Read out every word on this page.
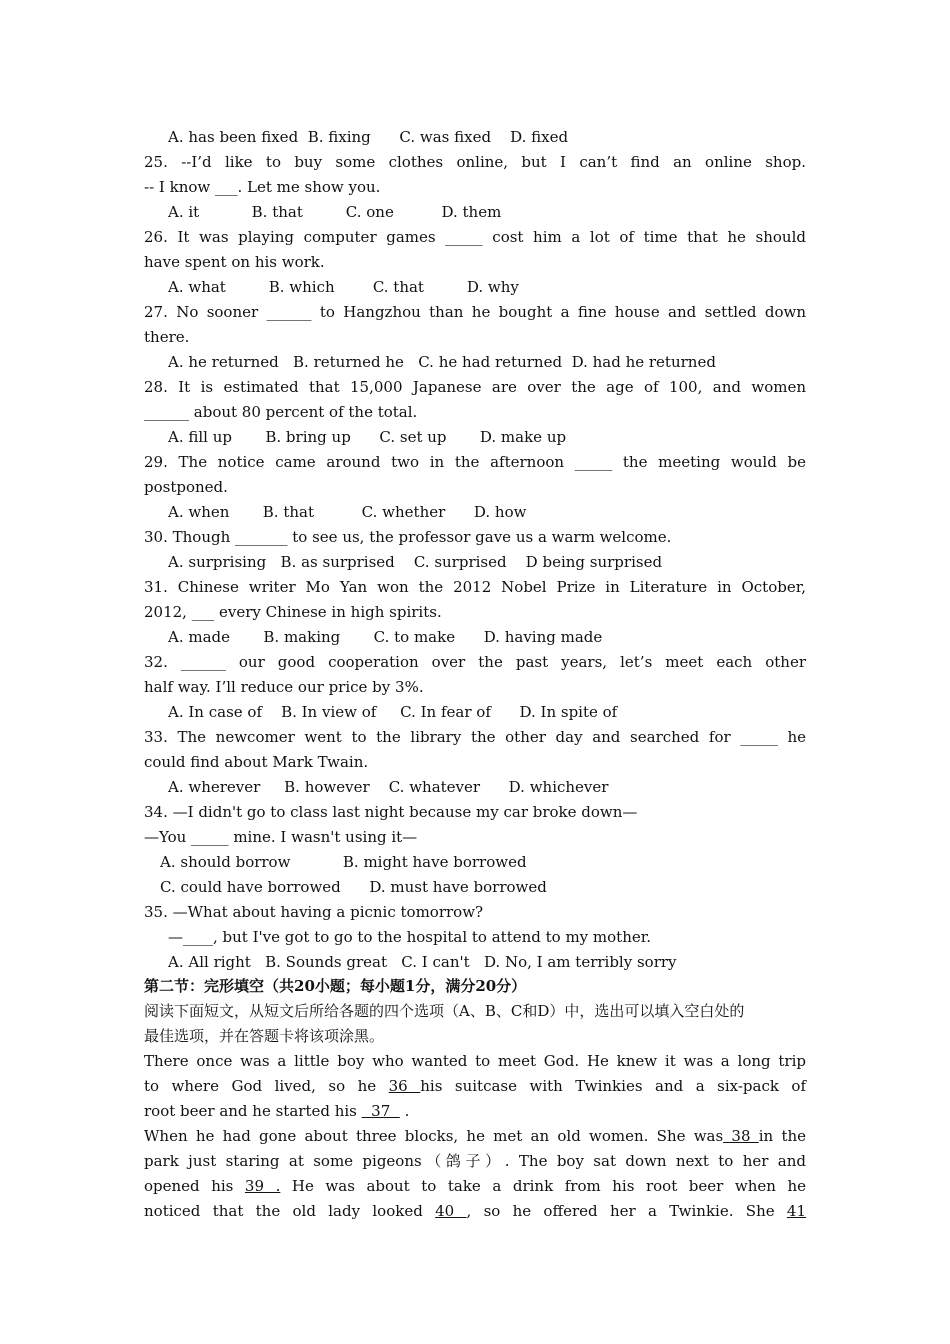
A. has been fixed  B. fixing      C. was fixed    D. fixed
25. --I’d like to buy some clothes online, but I can’t find an online shop.
-- I know ___. Let me show you.
A. it           B. that         C. one          D. them
26. It was playing computer games _____ cost him a lot of time that he should
have spent on his work.
A. what         B. which        C. that         D. why
27. No sooner ______ to Hangzhou than he bought a fine house and settled down
there.
A. he returned   B. returned he   C. he had returned  D. had he returned
28. It is estimated that 15,000 Japanese are over the age of 100, and women
______ about 80 percent of the total.
A. fill up       B. bring up      C. set up       D. make up
29. The notice came around two in the afternoon _____ the meeting would be
postponed.
A. when       B. that          C. whether      D. how
30. Though _______ to see us, the professor gave us a warm welcome.
A. surprising   B. as surprised    C. surprised    D being surprised
31. Chinese writer Mo Yan won the 2012 Nobel Prize in Literature in October,
2012, ___ every Chinese in high spirits.
A. made       B. making       C. to make      D. having made
32. ______ our good cooperation over the past years, let’s meet each other
half way. I’ll reduce our price by 3%.
A. In case of    B. In view of     C. In fear of      D. In spite of
33. The newcomer went to the library the other day and searched for _____ he
could find about Mark Twain.
A. wherever     B. however    C. whatever      D. whichever
34. —I didn't go to class last night because my car broke down—
—You _____ mine. I wasn't using it—
A. should borrow           B. might have borrowed
C. could have borrowed      D. must have borrowed
35. —What about having a picnic tomorrow?
—____, but I've got to go to the hospital to attend to my mother.
A. All right   B. Sounds great   C. I can't   D. No, I am terribly sorry
第二节：完形填空（共20小题；每小题1分，满分20分）
阅读下面短文，从短文后所给各题的四个选项（A、B、C和D）中，选出可以填入空白处的
最佳选项，并在答题卡将该项涂黑。
There once was a little boy who wanted to meet God. He knew it was a long trip
to where God lived, so he 36 his suitcase with Twinkies and a six-pack of
root beer and he started his   37   .
When he had gone about three blocks, he met an old women. She was 38 in the
park just staring at some pigeons（鸽子）. The boy sat down next to her and
opened his 39 . He was about to take a drink from his root beer when he
noticed that the old lady looked 40 , so he offered her a Twinkie. She 41
